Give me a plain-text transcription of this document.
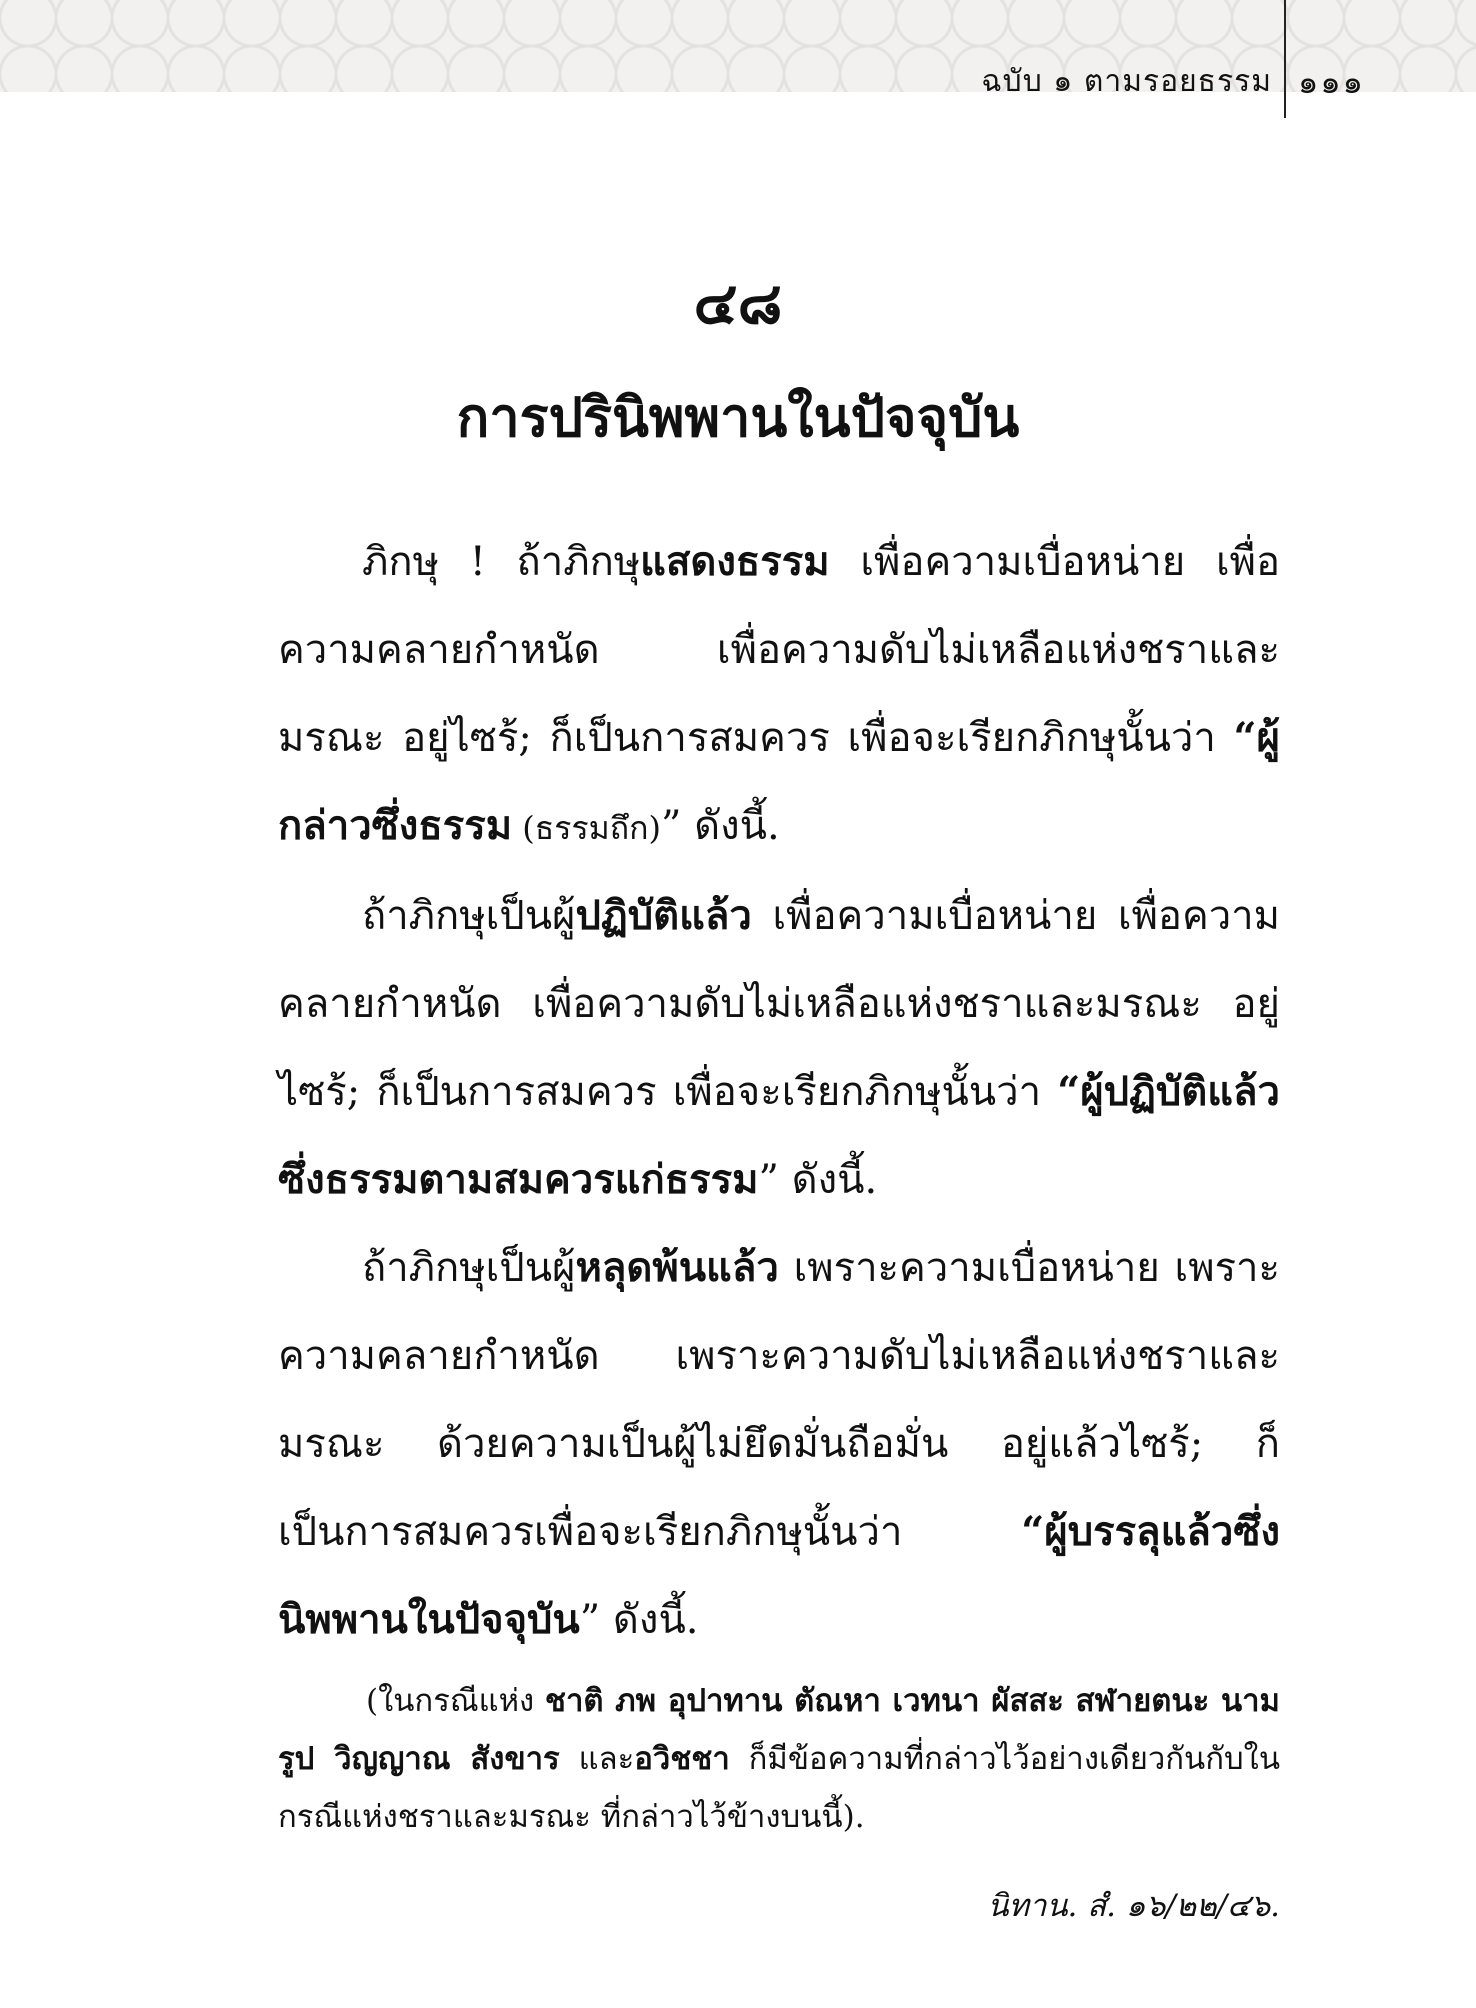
ฉบับ ๑ ตามรอยธรรม ๑๑๑
๔๘
การปรินิพพานในปัจจุบัน

ภิกษุ ! ถ้าภิกษุแสดงธรรม เพื่อความเบื่อหน่าย เพื่อความคลายกำหนัด เพื่อความดับไม่เหลือแห่งชราและมรณะ อยู่ไซร้; ก็เป็นการสมควร เพื่อจะเรียกภิกษุนั้นว่า “ผู้กล่าวซึ่งธรรม (ธรรมถึก)” ดังนี้.

ถ้าภิกษุเป็นผู้ปฏิบัติแล้ว เพื่อความเบื่อหน่าย เพื่อความคลายกำหนัด เพื่อความดับไม่เหลือแห่งชราและมรณะ อยู่ไซร้; ก็เป็นการสมควร เพื่อจะเรียกภิกษุนั้นว่า “ผู้ปฏิบัติแล้วซึ่งธรรมตามสมควรแก่ธรรม” ดังนี้.

ถ้าภิกษุเป็นผู้หลุดพ้นแล้ว เพราะความเบื่อหน่าย เพราะความคลายกำหนัด เพราะความดับไม่เหลือแห่งชราและมรณะ ด้วยความเป็นผู้ไม่ยึดมั่นถือมั่น อยู่แล้วไซร้; ก็เป็นการสมควรเพื่อจะเรียกภิกษุนั้นว่า “ผู้บรรลุแล้วซึ่งนิพพานในปัจจุบัน” ดังนี้.

(ในกรณีแห่ง ชาติ ภพ อุปาทาน ตัณหา เวทนา ผัสสะ สฬายตนะ นามรูป วิญญาณ สังขาร และอวิชชา ก็มีข้อความที่กล่าวไว้อย่างเดียวกันกับในกรณีแห่งชราและมรณะ ที่กล่าวไว้ข้างบนนี้).

นิทาน. สํ. ๑๖/๒๒/๔๖.
